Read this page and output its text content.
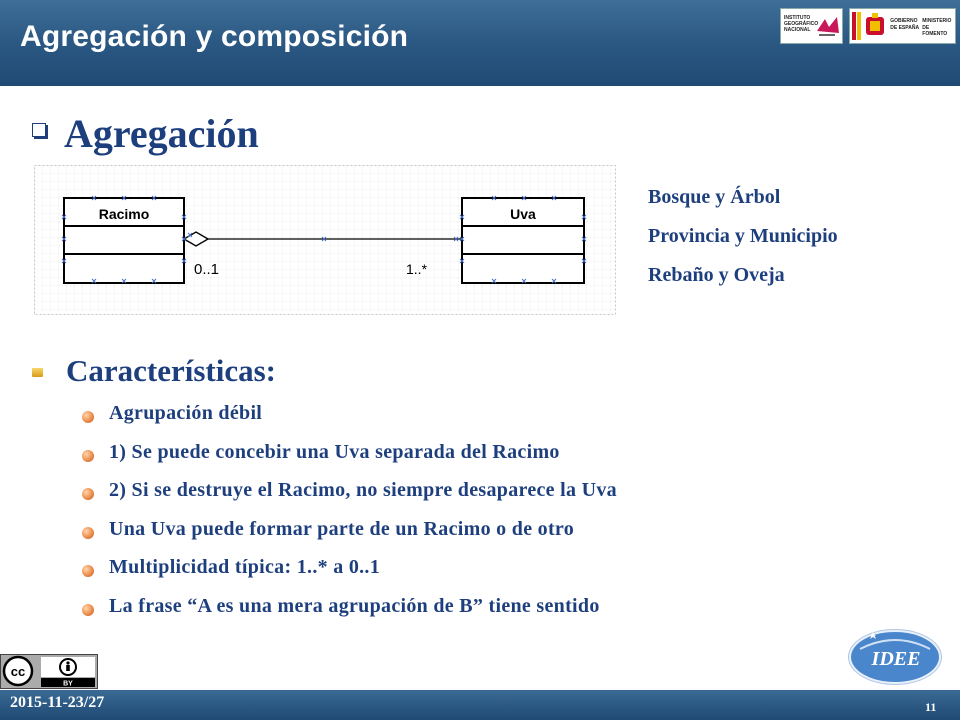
Agregación y composición
INSTITUTO
GEOGRÁFICO
NACIONAL
GOBIERNO
DE ESPAÑA
MINISTERIO
DE FOMENTO
Agregación
Racimo	Uva
0..1	1..*
Bosque y Árbol
Provincia y Municipio
Rebaño y Oveja
Características:
Agrupación débil
1) Se puede concebir una Uva separada del Racimo
2) Si se destruye el Racimo, no siempre desaparece la Uva
Una Uva puede formar parte de un Racimo o de otro
Multiplicidad típica: 1..* a 0..1
La frase “A es una mera agrupación de B” tiene sentido
cc
BY
IDEE
2015-11-23/27	11
